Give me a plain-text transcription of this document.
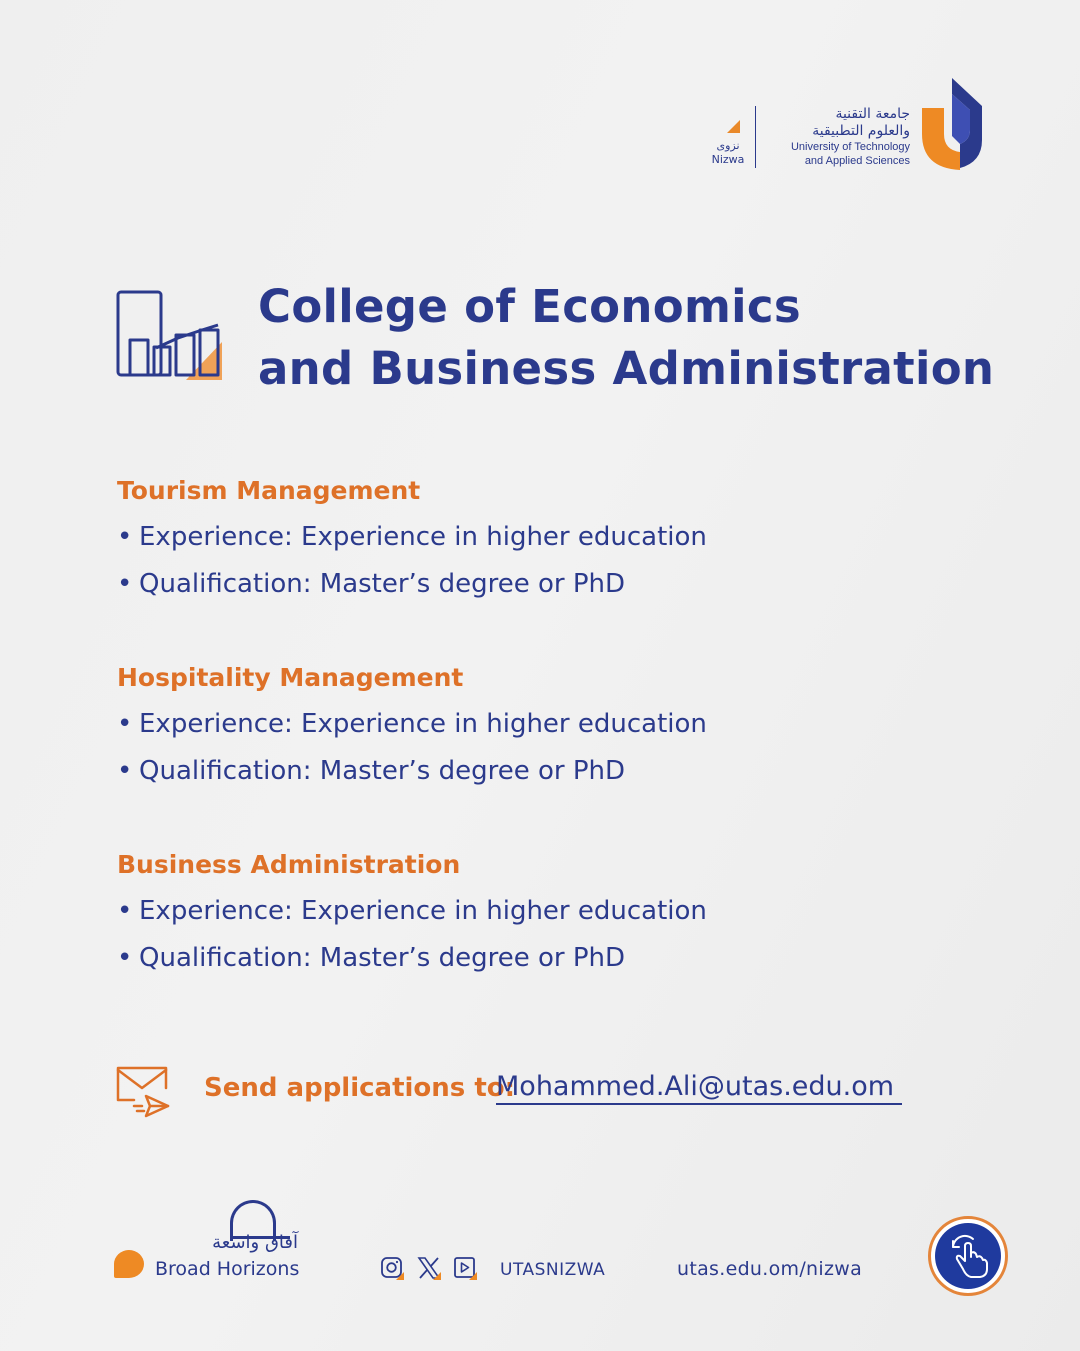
نزوى
Nizwa
جامعة التقنية
والعلوم التطبيقية
University of Technology
and Applied Sciences
College of Economics
and Business Administration
Tourism Management
• Experience: Experience in higher education
• Qualification: Master’s degree or PhD
Hospitality Management
• Experience: Experience in higher education
• Qualification: Master’s degree or PhD
Business Administration
• Experience: Experience in higher education
• Qualification: Master’s degree or PhD
Send applications to:
Mohammed.Ali@utas.edu.om
آفاق واسعة
Broad Horizons	UTASNIZWA	utas.edu.om/nizwa
